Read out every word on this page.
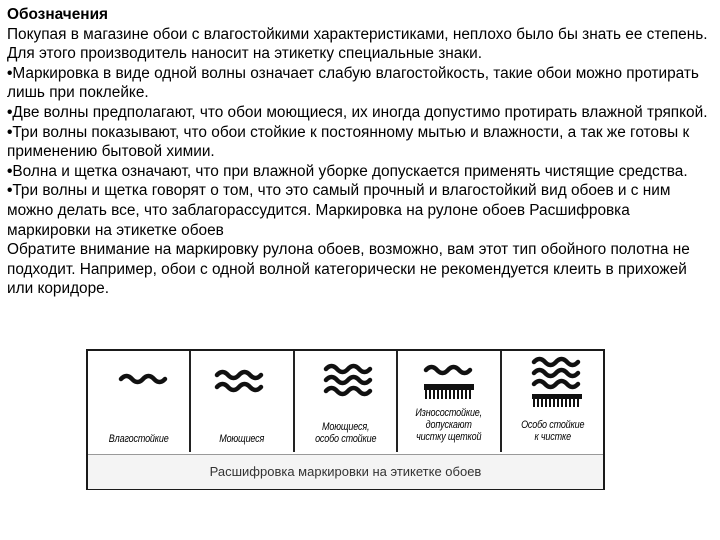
Обозначения

Покупая в магазине обои с влагостойкими характеристиками, неплохо было бы знать ее степень. Для этого производитель наносит на этикетку специальные знаки.

•Маркировка в виде одной волны означает слабую влагостойкость, такие обои можно протирать лишь при поклейке.

•Две волны предполагают, что обои моющиеся, их иногда допустимо протирать влажной тряпкой.

•Три волны показывают, что обои стойкие к постоянному мытью и влажности, а так же готовы к применению бытовой химии.

•Волна и щетка означают, что при влажной уборке допускается применять чистящие средства.

•Три волны и щетка говорят о том, что это самый прочный и влагостойкий вид обоев и с ним можно делать все, что заблагорассудится. Маркировка на рулоне обоев Расшифровка маркировки на этикетке обоев

Обратите внимание на маркировку рулона обоев, возможно, вам этот тип обойного полотна не подходит. Например, обои с одной волной категорически не рекомендуется клеить в прихожей или коридоре.

Влагостойкие	Моющиеся
Моющиеся,
особо стойкие
Износостойкие,
допускают
чистку щеткой
Особо стойкие
к чистке
Расшифровка маркировки на этикетке обоев
